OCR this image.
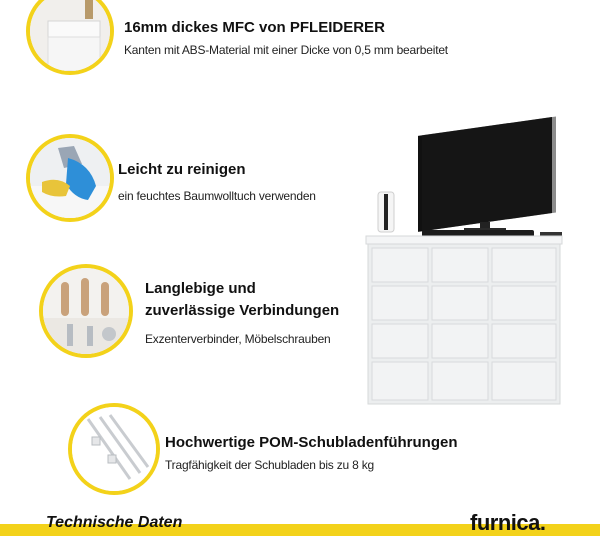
16mm dickes MFC von PFLEIDERER
Kanten mit ABS-Material mit einer Dicke von 0,5 mm bearbeitet
Leicht zu reinigen
ein feuchtes Baumwolltuch verwenden
Langlebige und
zuverlässige Verbindungen
Exzenterverbinder, Möbelschrauben
Hochwertige POM-Schubladenführungen
Tragfähigkeit der Schubladen bis zu 8 kg
Technische Daten	furnica.
